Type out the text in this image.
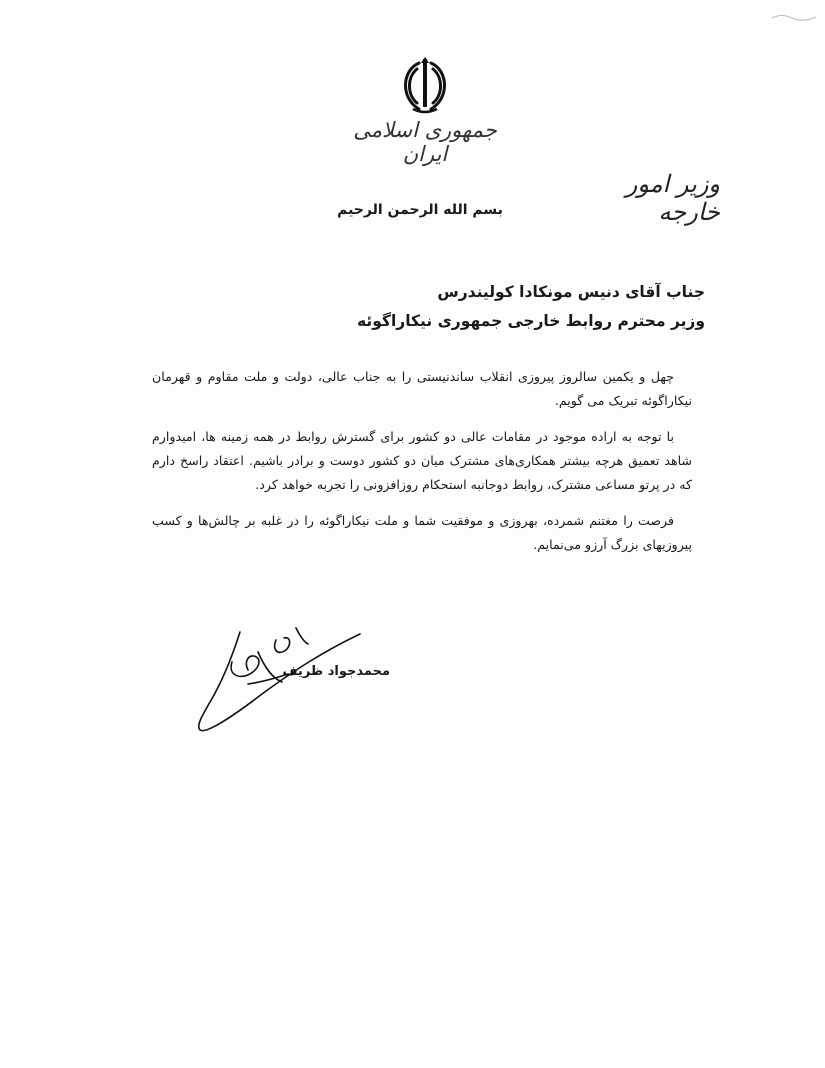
جمهوری اسلامی ایران
وزیر امور خارجه
بسم الله الرحمن الرحیم
جناب آقای دنیس مونکادا کولیندرس
وزیر محترم روابط خارجی جمهوری نیکاراگوئه

چهل و یکمین سالروز پیروزی انقلاب ساندنیستی را به جناب عالی، دولت و ملت مقاوم و قهرمان نیکاراگوئه تبریک می گویم.

با توجه به اراده موجود در مقامات عالی دو کشور برای گسترش روابط در همه زمینه ها، امیدوارم شاهد تعمیق هرچه بیشتر همکاری‌های مشترک میان دو کشور دوست و برادر باشیم. اعتقاد راسخ دارم که در پرتو مساعی مشترک، روابط دوجانبه استحکام روزافزونی را تجربه خواهد کرد.

فرصت را مغتنم شمرده، بهروزی و موفقیت شما و ملت نیکاراگوئه را در غلبه بر چالش‌ها و کسب پیروزیهای بزرگ آرزو می‌نمایم.

محمدجواد ظریف
